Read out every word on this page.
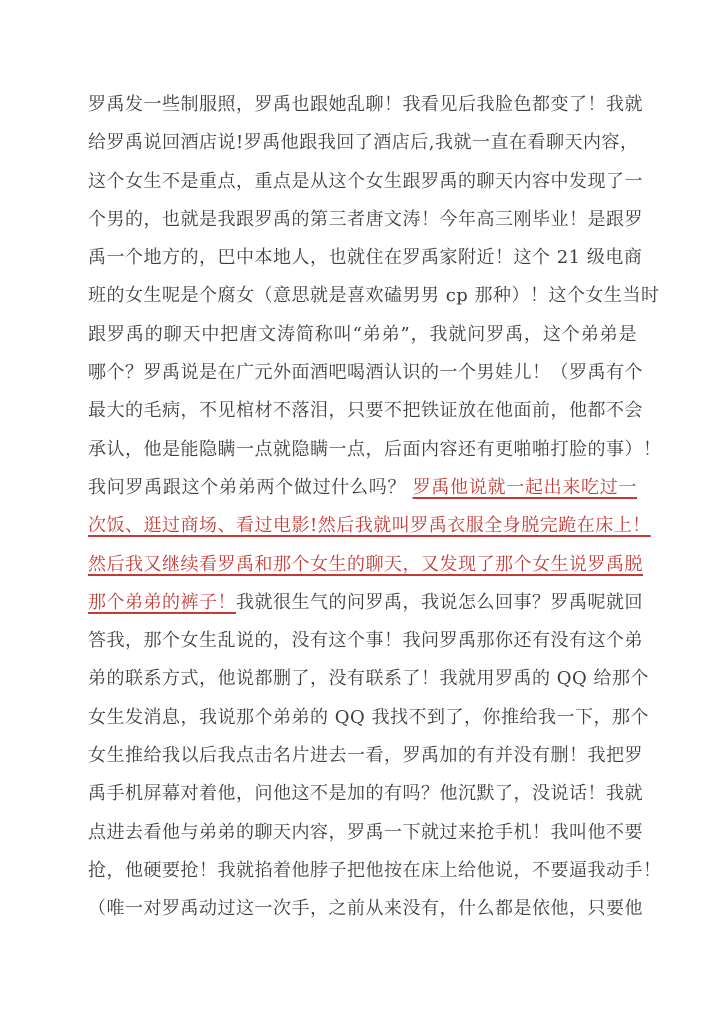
罗禹发一些制服照，罗禹也跟她乱聊！我看见后我脸色都变了！我就
给罗禹说回酒店说!罗禹他跟我回了酒店后,我就一直在看聊天内容，
这个女生不是重点，重点是从这个女生跟罗禹的聊天内容中发现了一
个男的，也就是我跟罗禹的第三者唐文涛！今年高三刚毕业！是跟罗
禹一个地方的，巴中本地人，也就住在罗禹家附近！这个 21 级电商
班的女生呢是个腐女（意思就是喜欢磕男男 cp 那种）！这个女生当时
跟罗禹的聊天中把唐文涛简称叫“弟弟”，我就问罗禹，这个弟弟是
哪个？罗禹说是在广元外面酒吧喝酒认识的一个男娃儿！（罗禹有个
最大的毛病，不见棺材不落泪，只要不把铁证放在他面前，他都不会
承认，他是能隐瞒一点就隐瞒一点，后面内容还有更啪啪打脸的事）！
我问罗禹跟这个弟弟两个做过什么吗？ 罗禹他说就一起出来吃过一
次饭、逛过商场、看过电影!然后我就叫罗禹衣服全身脱完跪在床上！
然后我又继续看罗禹和那个女生的聊天，又发现了那个女生说罗禹脱
那个弟弟的裤子！我就很生气的问罗禹，我说怎么回事？罗禹呢就回
答我，那个女生乱说的，没有这个事！我问罗禹那你还有没有这个弟
弟的联系方式，他说都删了，没有联系了！我就用罗禹的 QQ 给那个
女生发消息，我说那个弟弟的 QQ 我找不到了，你推给我一下，那个
女生推给我以后我点击名片进去一看，罗禹加的有并没有删！我把罗
禹手机屏幕对着他，问他这不是加的有吗？他沉默了，没说话！我就
点进去看他与弟弟的聊天内容，罗禹一下就过来抢手机！我叫他不要
抢，他硬要抢！我就掐着他脖子把他按在床上给他说，不要逼我动手！
（唯一对罗禹动过这一次手，之前从来没有，什么都是依他，只要他
